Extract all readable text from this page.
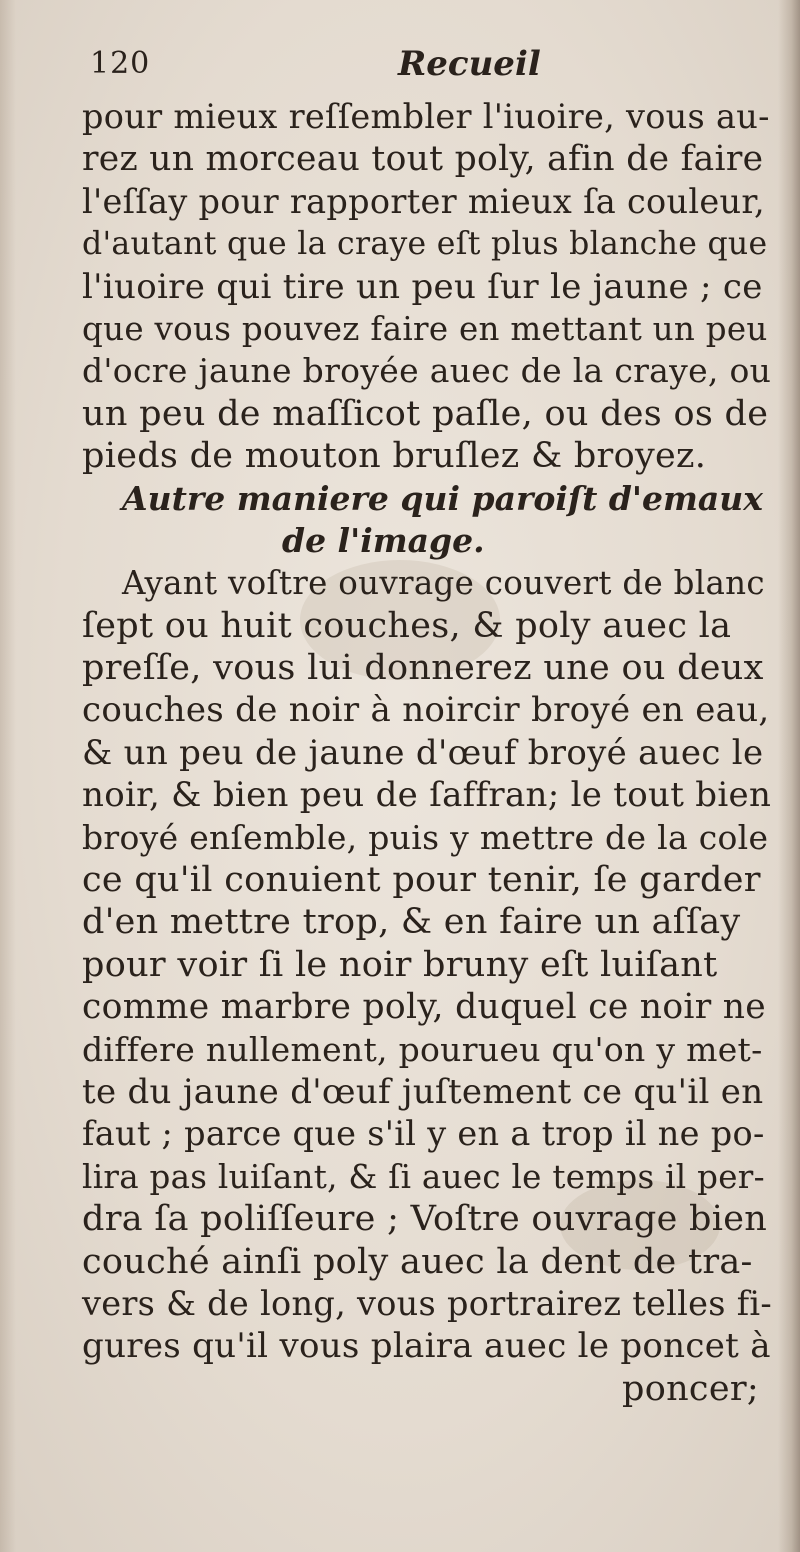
120	Recueil
pour mieux reſſembler l'iuoire, vous au-
rez un morceau tout poly, afin de faire
l'eſſay pour rapporter mieux ſa couleur,
d'autant que la craye eſt plus blanche que
l'iuoire qui tire un peu ſur le jaune ; ce
que vous pouvez faire en mettant un peu
d'ocre jaune broyée auec de la craye, ou
un peu de maſſicot paſle, ou des os de
pieds de mouton bruſlez & broyez.
Autre maniere qui paroiſt d'emaux
de l'image.
Ayant voſtre ouvrage couvert de blanc
ſept ou huit couches, & poly auec la
preſſe, vous lui donnerez une ou deux
couches de noir à noircir broyé en eau,
& un peu de jaune d'œuf broyé auec le
noir, & bien peu de ſaffran; le tout bien
broyé enſemble, puis y mettre de la cole
ce qu'il conuient pour tenir, ſe garder
d'en mettre trop, & en faire un aſſay
pour voir ſi le noir bruny eſt luiſant
comme marbre poly, duquel ce noir ne
differe nullement, pourueu qu'on y met-
te du jaune d'œuf juſtement ce qu'il en
faut ; parce que s'il y en a trop il ne po-
lira pas luiſant, & ſi auec le temps il per-
dra ſa poliſſeure ; Voſtre ouvrage bien
couché ainſi poly auec la dent de tra-
vers & de long, vous portrairez telles fi-
gures qu'il vous plaira auec le poncet à
poncer;
